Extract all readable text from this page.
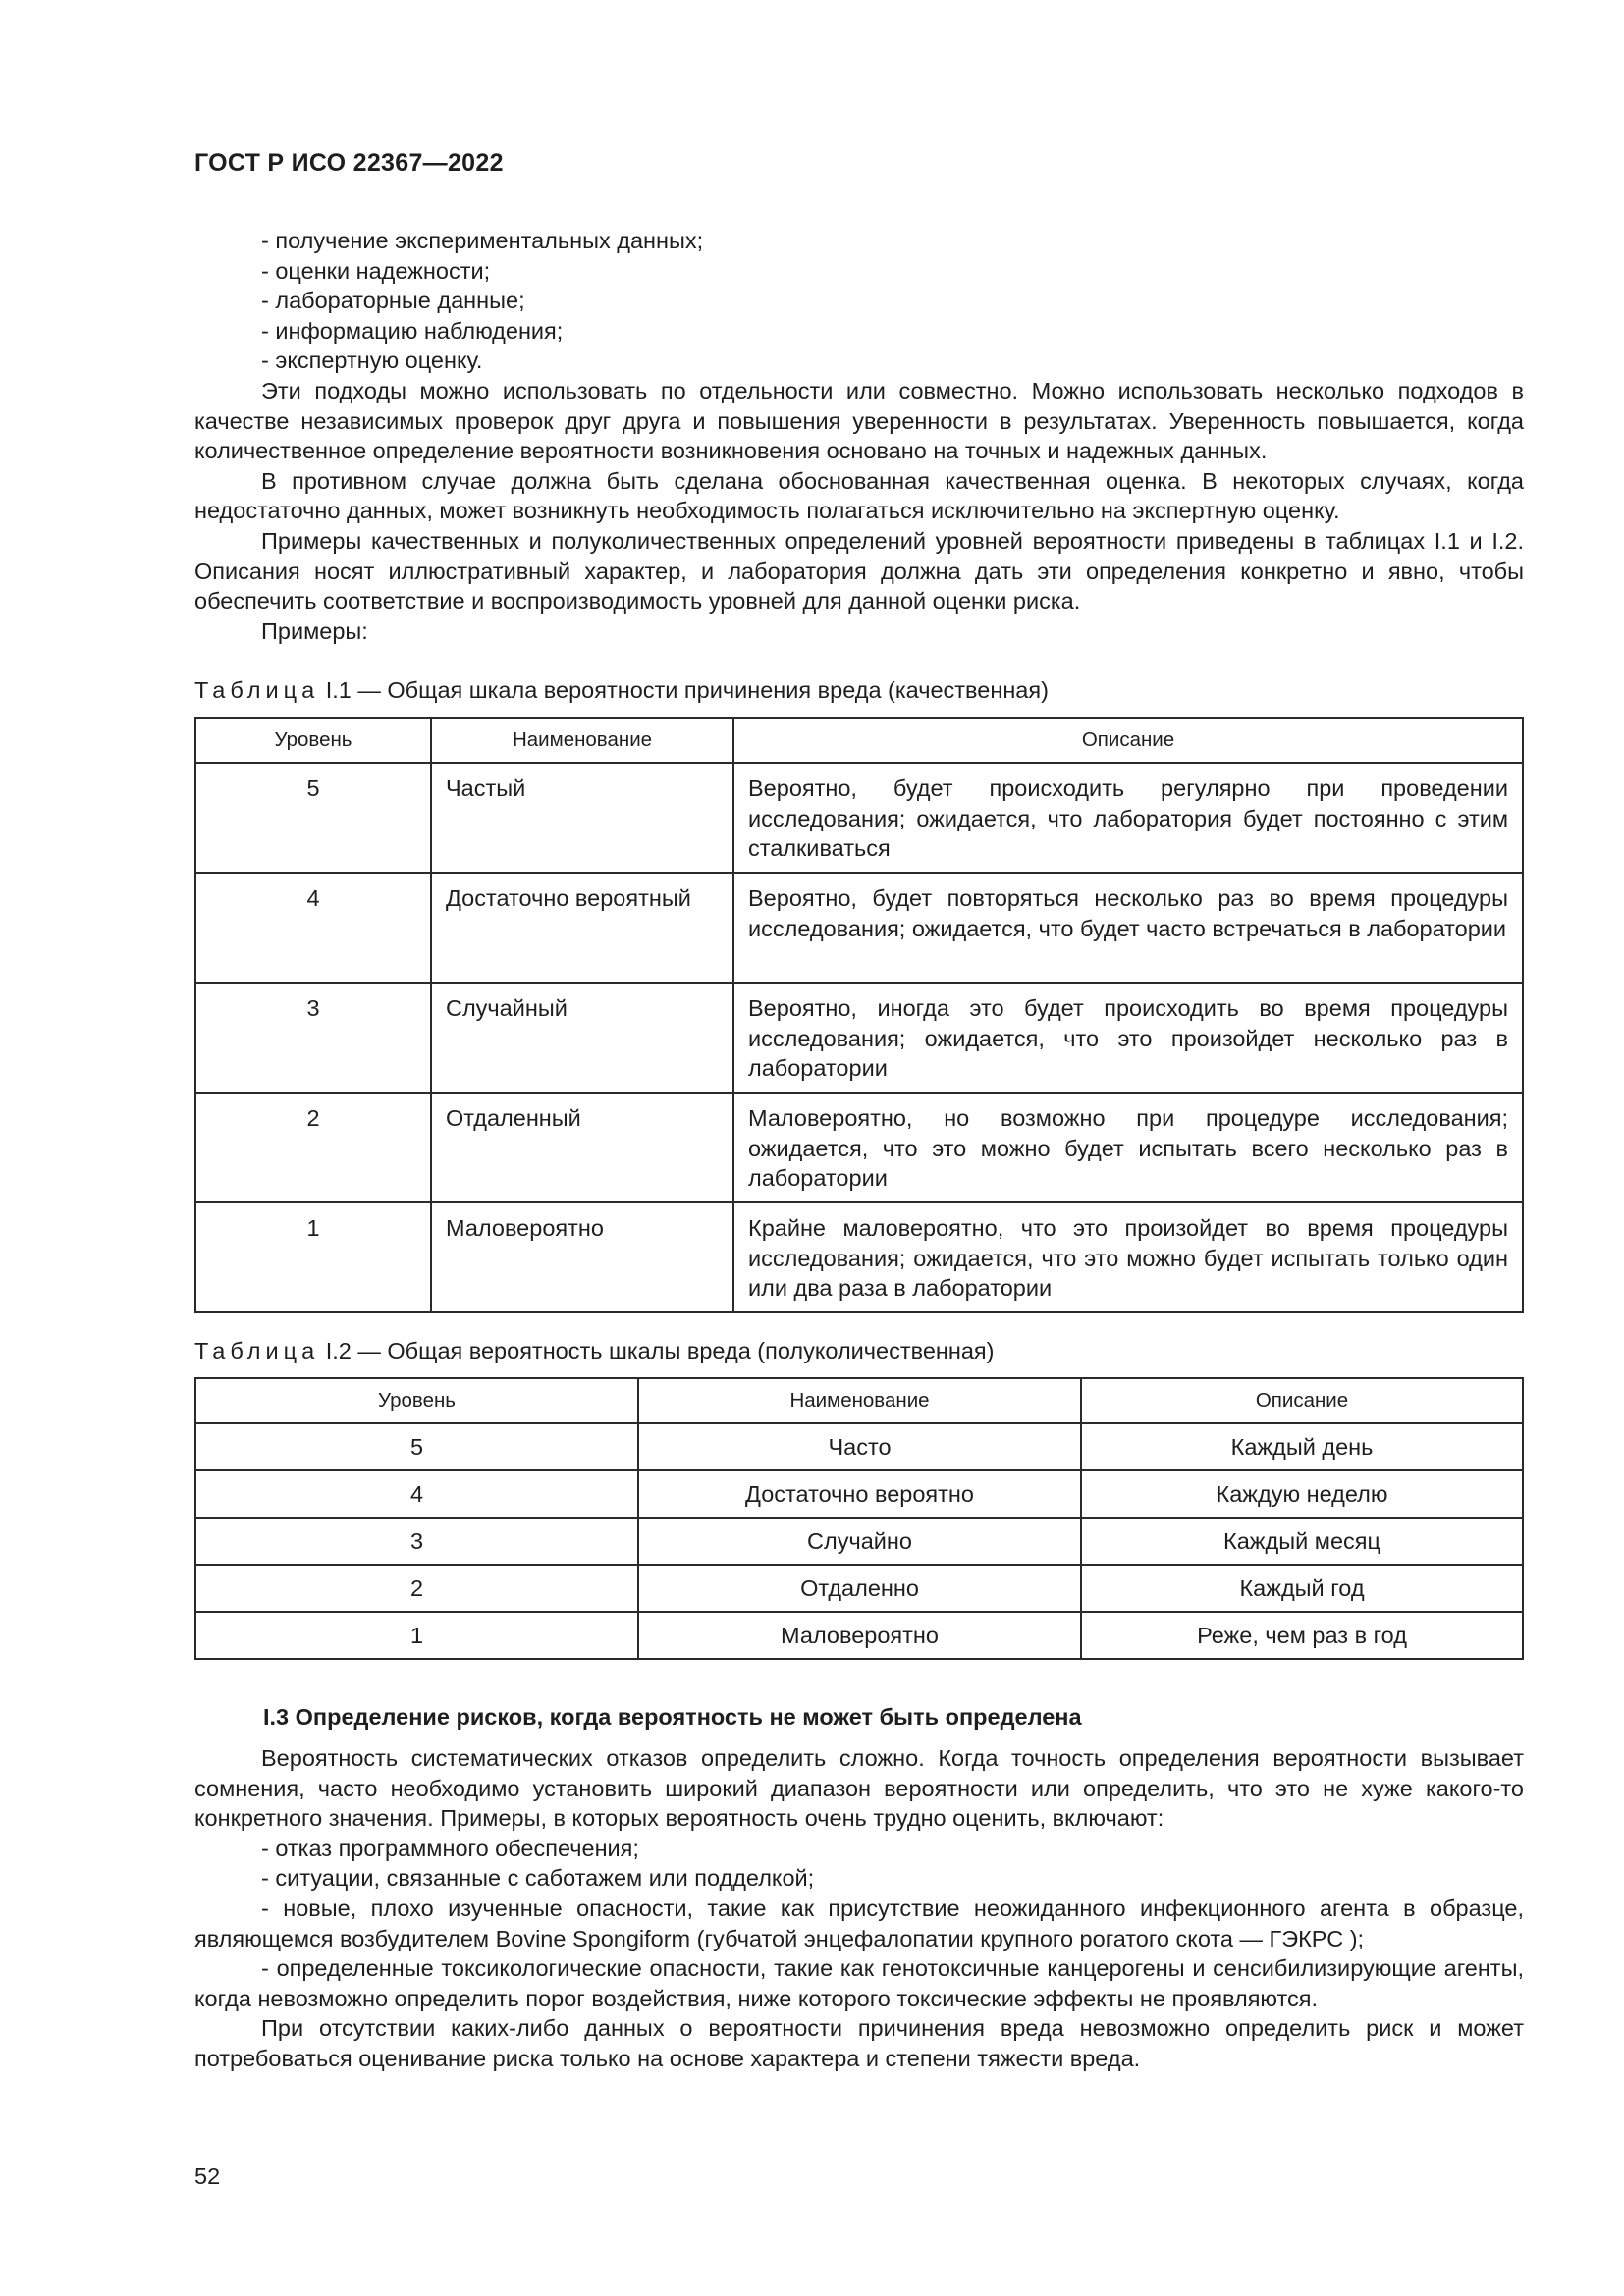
ГОСТ Р ИСО 22367—2022

- получение экспериментальных данных;

- оценки надежности;

- лабораторные данные;

- информацию наблюдения;

- экспертную оценку.

Эти подходы можно использовать по отдельности или совместно. Можно использовать несколько подходов в качестве независимых проверок друг друга и повышения уверенности в результатах. Уверенность повышается, когда количественное определение вероятности возникновения основано на точных и надежных данных.

В противном случае должна быть сделана обоснованная качественная оценка. В некоторых случаях, когда недостаточно данных, может возникнуть необходимость полагаться исключительно на экспертную оценку.

Примеры качественных и полуколичественных определений уровней вероятности приведены в таблицах I.1 и I.2. Описания носят иллюстративный характер, и лаборатория должна дать эти определения конкретно и явно, чтобы обеспечить соответствие и воспроизводимость уровней для данной оценки риска.

Примеры:

Таблица I.1 — Общая шкала вероятности причинения вреда (качественная)
Уровень	Наименование	Описание
5	Частый	Вероятно, будет происходить регулярно при проведении исследования; ожидается, что лаборатория будет постоянно с этим сталкиваться
4	Достаточно вероятный	Вероятно, будет повторяться несколько раз во время процедуры исследования; ожидается, что будет часто встречаться в лаборатории
3	Случайный	Вероятно, иногда это будет происходить во время процедуры исследования; ожидается, что это произойдет несколько раз в лаборатории
2	Отдаленный	Маловероятно, но возможно при процедуре исследования; ожидается, что это можно будет испытать всего несколько раз в лаборатории
1	Маловероятно	Крайне маловероятно, что это произойдет во время процедуры исследования; ожидается, что это можно будет испытать только один или два раза в лаборатории
Таблица I.2 — Общая вероятность шкалы вреда (полуколичественная)
Уровень	Наименование	Описание
5	Часто	Каждый день
4	Достаточно вероятно	Каждую неделю
3	Случайно	Каждый месяц
2	Отдаленно	Каждый год
1	Маловероятно	Реже, чем раз в год
I.3 Определение рисков, когда вероятность не может быть определена

Вероятность систематических отказов определить сложно. Когда точность определения вероятности вызывает сомнения, часто необходимо установить широкий диапазон вероятности или определить, что это не хуже какого-то конкретного значения. Примеры, в которых вероятность очень трудно оценить, включают:

- отказ программного обеспечения;

- ситуации, связанные с саботажем или подделкой;

- новые, плохо изученные опасности, такие как присутствие неожиданного инфекционного агента в образце, являющемся возбудителем Bovine Spongiform (губчатой энцефалопатии крупного рогатого скота — ГЭКРС );

- определенные токсикологические опасности, такие как генотоксичные канцерогены и сенсибилизирующие агенты, когда невозможно определить порог воздействия, ниже которого токсические эффекты не проявляются.

При отсутствии каких-либо данных о вероятности причинения вреда невозможно определить риск и может потребоваться оценивание риска только на основе характера и степени тяжести вреда.

52
